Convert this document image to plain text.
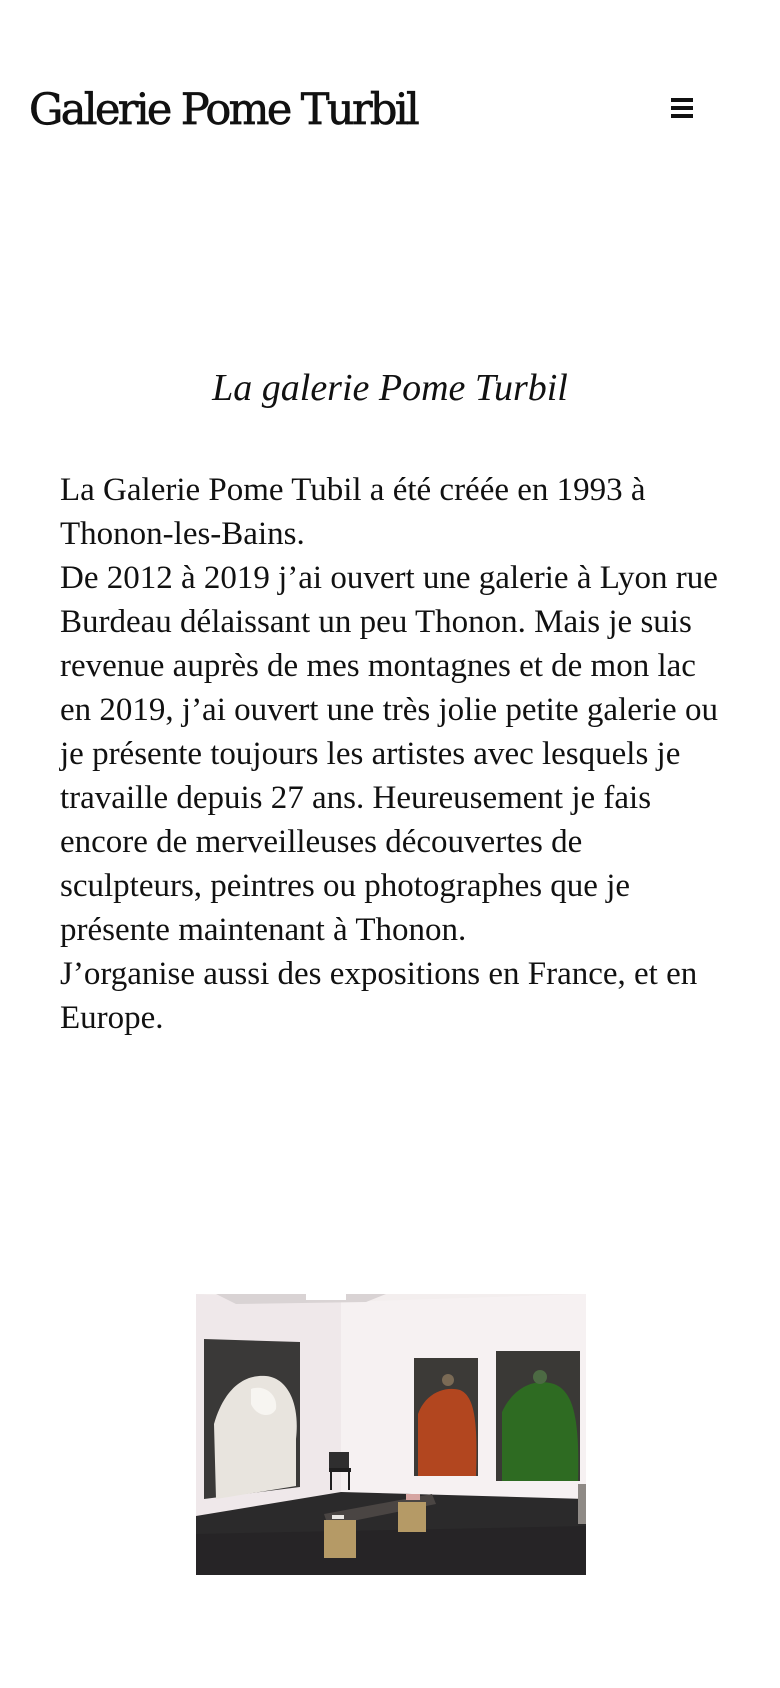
Galerie Pome Turbil
La galerie Pome Turbil

La Galerie Pome Tubil a été créée en 1993 à Thonon-les-Bains.

De 2012 à 2019 j’ai ouvert une galerie à Lyon rue Burdeau délaissant un peu Thonon. Mais je suis revenue auprès de mes montagnes et de mon lac en 2019, j’ai ouvert une très jolie petite galerie ou je présente toujours les artistes avec lesquels je travaille depuis 27 ans. Heureusement je fais encore de merveilleuses découvertes de sculpteurs, peintres ou photographes que je présente maintenant à Thonon.

J’organise aussi des expositions en France, et en Europe.
